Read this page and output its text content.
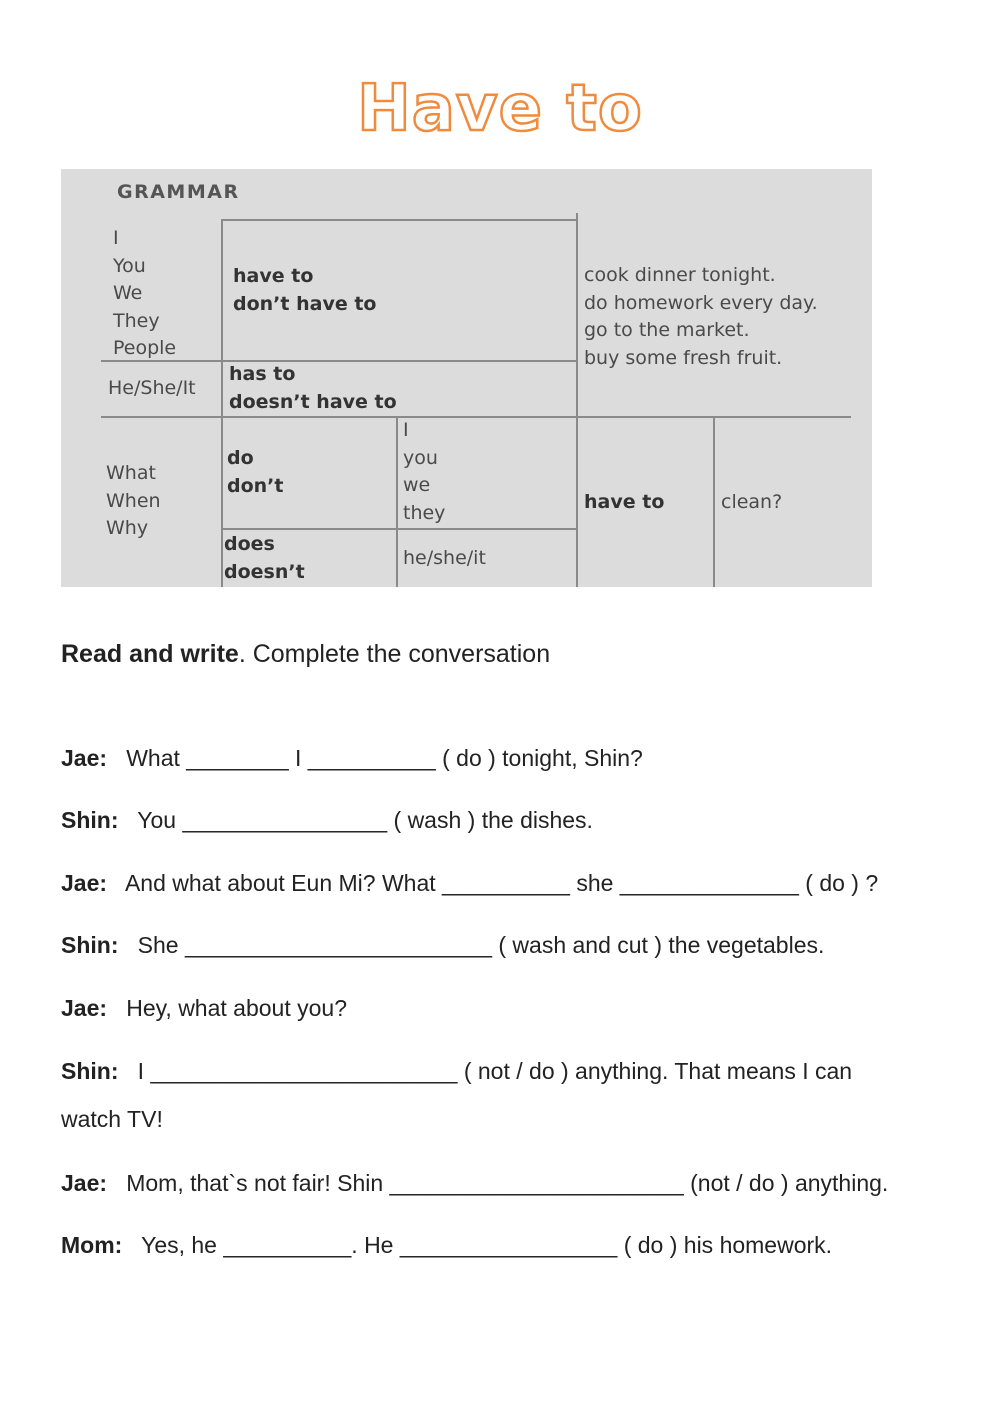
Have to
GRAMMAR
I
You
We
They
People
He/She/It
have to
don’t have to
has to
doesn’t have to
cook dinner tonight.
do homework every day.
go to the market.
buy some fresh fruit.
What
When
Why
do
don’t
does
doesn’t
I
you
we
they
he/she/it
have to	clean?
Read and write. Complete the conversation
Jae: What ________ I __________ ( do ) tonight, Shin?
Shin: You ________________ ( wash ) the dishes.
Jae: And what about Eun Mi? What __________ she ______________ ( do ) ?
Shin: She ________________________ ( wash and cut ) the vegetables.
Jae: Hey, what about you?
Shin: I ________________________ ( not / do ) anything. That means I can
watch TV!
Jae: Mom, that`s not fair! Shin _______________________ (not / do ) anything.
Mom: Yes, he __________. He _________________ ( do ) his homework.
